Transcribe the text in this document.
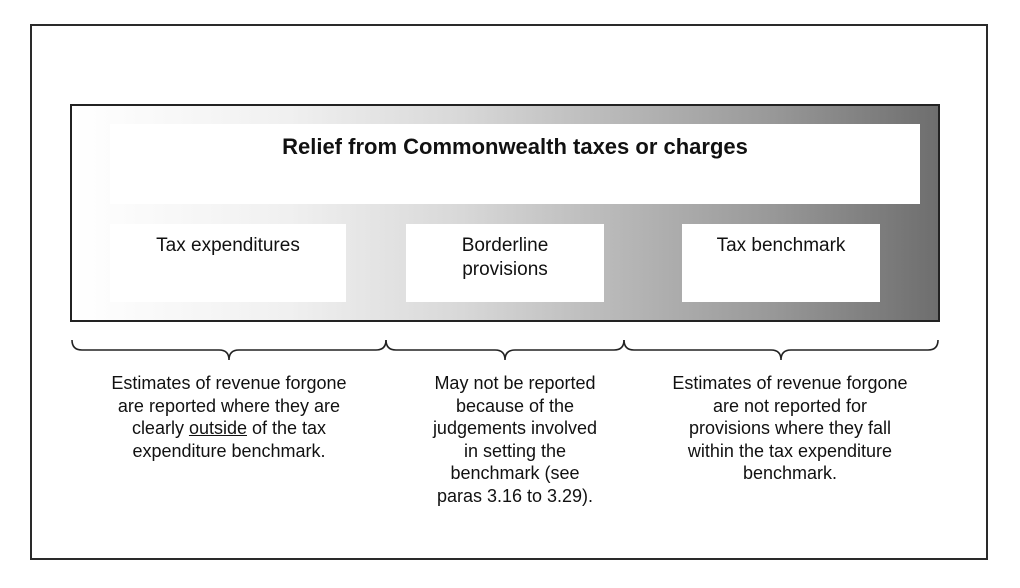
Relief from Commonwealth taxes or charges
Tax expenditures	Borderline
provisions
Tax benchmark
Estimates of revenue forgone
are reported where they are
clearly outside of the tax
expenditure benchmark.
May not be reported
because of the
judgements involved
in setting the
benchmark (see
paras 3.16 to 3.29).
Estimates of revenue forgone
are not reported for
provisions where they fall
within the tax expenditure
benchmark.
